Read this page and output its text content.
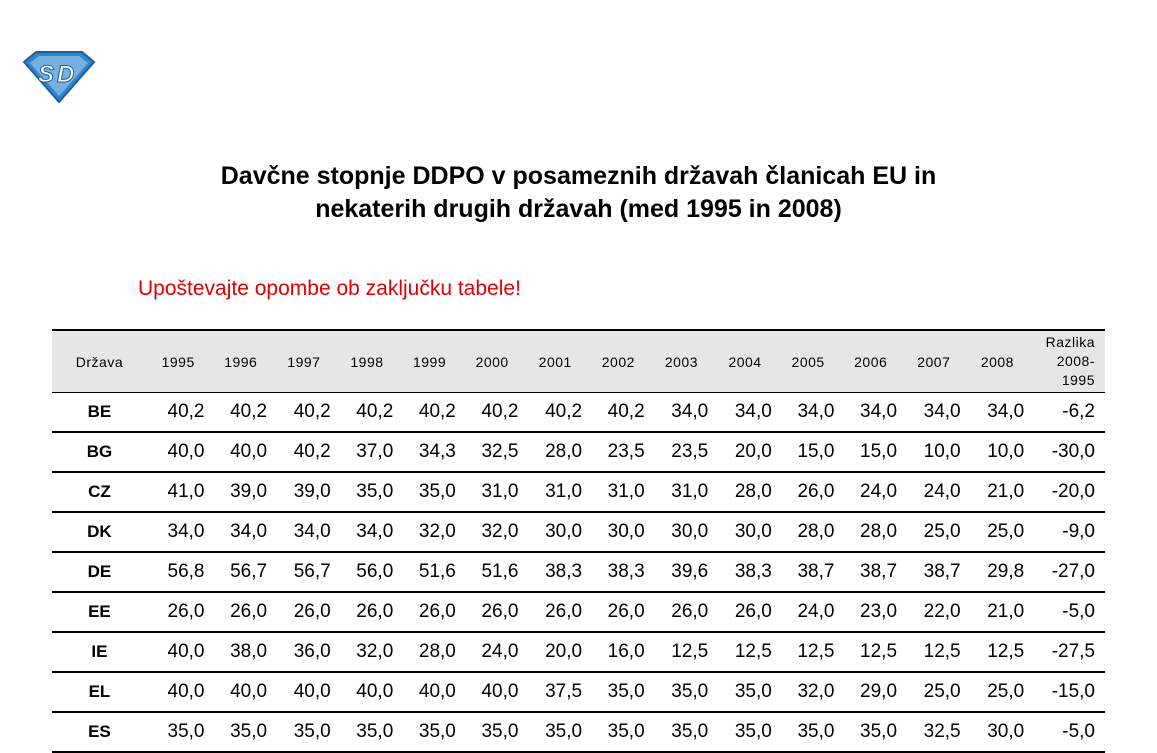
S D
Davčne stopnje DDPO v posameznih državah članicah EU in
nekaterih drugih državah (med 1995 in 2008)
Upoštevajte opombe ob zaključku tabele!
Država	1995	1996	1997	1998	1999	2000	2001	2002	2003	2004	2005	2006	2007	2008	Razlika
2008-
1995

BE	40,2	40,2	40,2	40,2	40,2	40,2	40,2	40,2	34,0	34,0	34,0	34,0	34,0	34,0	-6,2
BG	40,0	40,0	40,2	37,0	34,3	32,5	28,0	23,5	23,5	20,0	15,0	15,0	10,0	10,0	-30,0
CZ	41,0	39,0	39,0	35,0	35,0	31,0	31,0	31,0	31,0	28,0	26,0	24,0	24,0	21,0	-20,0
DK	34,0	34,0	34,0	34,0	32,0	32,0	30,0	30,0	30,0	30,0	28,0	28,0	25,0	25,0	-9,0
DE	56,8	56,7	56,7	56,0	51,6	51,6	38,3	38,3	39,6	38,3	38,7	38,7	38,7	29,8	-27,0
EE	26,0	26,0	26,0	26,0	26,0	26,0	26,0	26,0	26,0	26,0	24,0	23,0	22,0	21,0	-5,0
IE	40,0	38,0	36,0	32,0	28,0	24,0	20,0	16,0	12,5	12,5	12,5	12,5	12,5	12,5	-27,5
EL	40,0	40,0	40,0	40,0	40,0	40,0	37,5	35,0	35,0	35,0	32,0	29,0	25,0	25,0	-15,0
ES	35,0	35,0	35,0	35,0	35,0	35,0	35,0	35,0	35,0	35,0	35,0	35,0	32,5	30,0	-5,0
